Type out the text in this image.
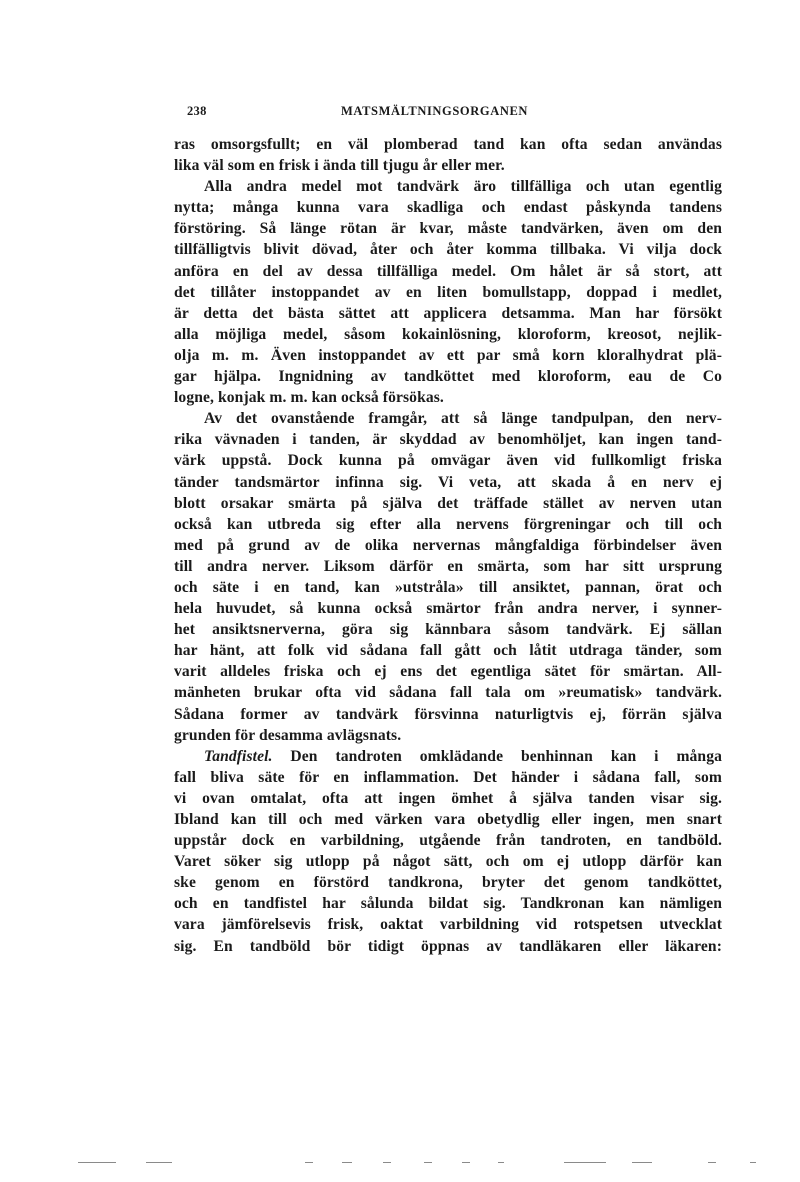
238	MATSMÄLTNINGSORGANEN
ras omsorgsfullt; en väl plomberad tand kan ofta sedan användas
lika väl som en frisk i ända till tjugu år eller mer.
Alla andra medel mot tandvärk äro tillfälliga och utan egentlig
nytta; många kunna vara skadliga och endast påskynda tandens
förstöring. Så länge rötan är kvar, måste tandvärken, även om den
tillfälligtvis blivit dövad, åter och åter komma tillbaka. Vi vilja dock
anföra en del av dessa tillfälliga medel. Om hålet är så stort, att
det tillåter instoppandet av en liten bomullstapp, doppad i medlet,
är detta det bästa sättet att applicera detsamma. Man har försökt
alla möjliga medel, såsom kokainlösning, kloroform, kreosot, nejlik-
olja m. m. Även instoppandet av ett par små korn kloralhydrat plä-
gar hjälpa. Ingnidning av tandköttet med kloroform, eau de Co
logne, konjak m. m. kan också försökas.
Av det ovanstående framgår, att så länge tandpulpan, den nerv-
rika vävnaden i tanden, är skyddad av benomhöljet, kan ingen tand-
värk uppstå. Dock kunna på omvägar även vid fullkomligt friska
tänder tandsmärtor infinna sig. Vi veta, att skada å en nerv ej
blott orsakar smärta på själva det träffade stället av nerven utan
också kan utbreda sig efter alla nervens förgreningar och till och
med på grund av de olika nervernas mångfaldiga förbindelser även
till andra nerver. Liksom därför en smärta, som har sitt ursprung
och säte i en tand, kan »utstråla» till ansiktet, pannan, örat och
hela huvudet, så kunna också smärtor från andra nerver, i synner-
het ansiktsnerverna, göra sig kännbara såsom tandvärk. Ej sällan
har hänt, att folk vid sådana fall gått och låtit utdraga tänder, som
varit alldeles friska och ej ens det egentliga sätet för smärtan. All-
mänheten brukar ofta vid sådana fall tala om »reumatisk» tandvärk.
Sådana former av tandvärk försvinna naturligtvis ej, förrän själva
grunden för desamma avlägsnats.
Tandfistel. Den tandroten omklädande benhinnan kan i många
fall bliva säte för en inflammation. Det händer i sådana fall, som
vi ovan omtalat, ofta att ingen ömhet å själva tanden visar sig.
Ibland kan till och med värken vara obetydlig eller ingen, men snart
uppstår dock en varbildning, utgående från tandroten, en tandböld.
Varet söker sig utlopp på något sätt, och om ej utlopp därför kan
ske genom en förstörd tandkrona, bryter det genom tandköttet,
och en tandfistel har sålunda bildat sig. Tandkronan kan nämligen
vara jämförelsevis frisk, oaktat varbildning vid rotspetsen utvecklat
sig. En tandböld bör tidigt öppnas av tandläkaren eller läkaren:
